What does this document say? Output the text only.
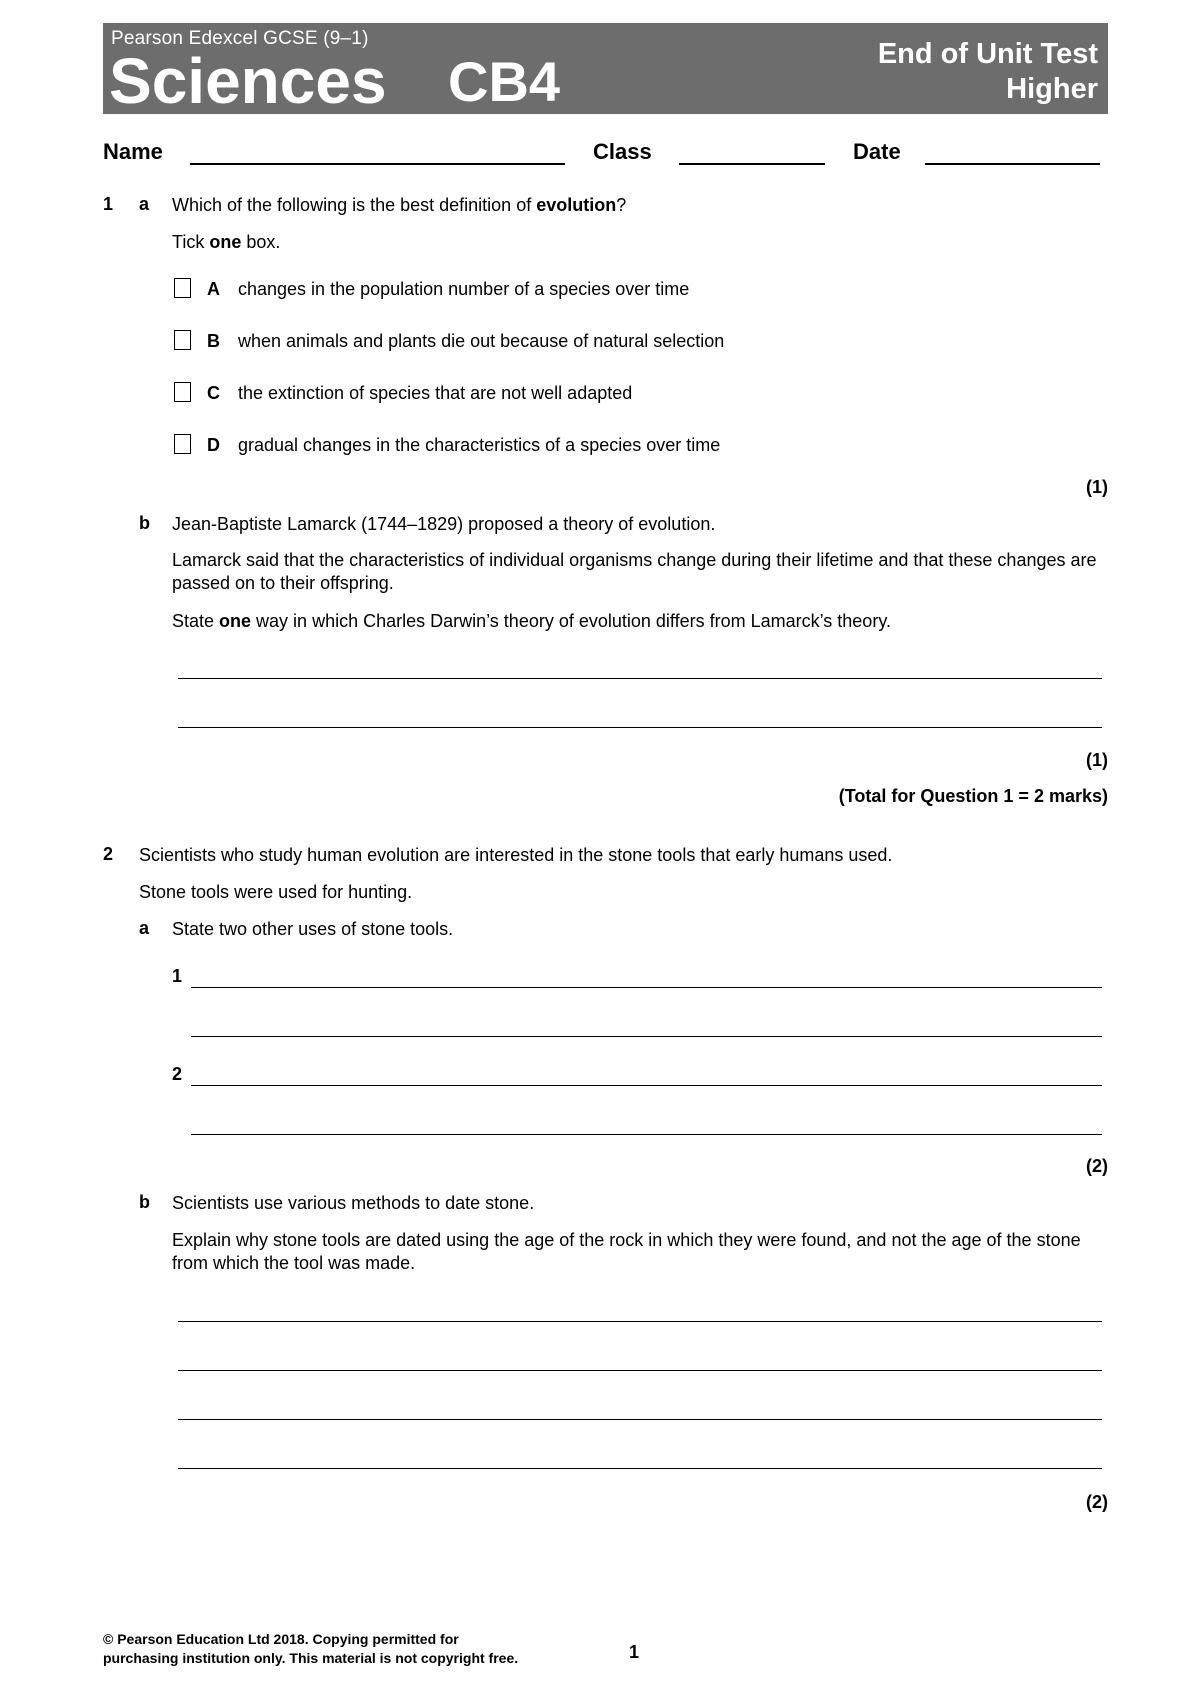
Pearson Edexcel GCSE (9–1)
Sciences CB4	End of Unit Test
Higher
Name	Class	Date
1 a Which of the following is the best definition of evolution?
Tick one box.
A changes in the population number of a species over time
B when animals and plants die out because of natural selection
C the extinction of species that are not well adapted
D gradual changes in the characteristics of a species over time
(1)
b Jean-Baptiste Lamarck (1744–1829) proposed a theory of evolution.
Lamarck said that the characteristics of individual organisms change during their lifetime and that these changes are passed on to their offspring.
State one way in which Charles Darwin’s theory of evolution differs from Lamarck’s theory.
(1)
(Total for Question 1 = 2 marks)
2 Scientists who study human evolution are interested in the stone tools that early humans used.
Stone tools were used for hunting.
a State two other uses of stone tools.
1
2
(2)
b Scientists use various methods to date stone.
Explain why stone tools are dated using the age of the rock in which they were found, and not the age of the stone from which the tool was made.
(2)
© Pearson Education Ltd 2018. Copying permitted for
purchasing institution only. This material is not copyright free.	1
